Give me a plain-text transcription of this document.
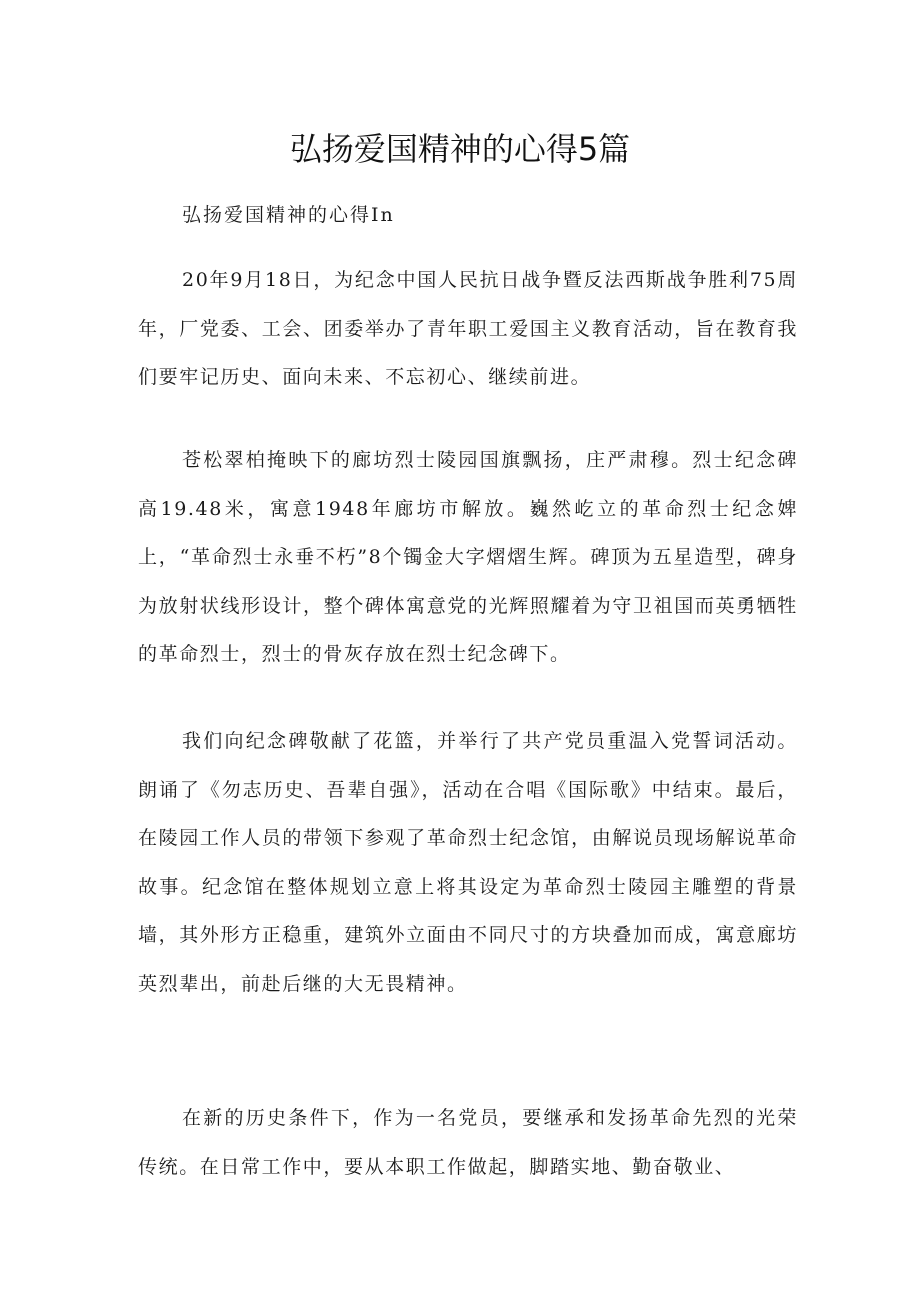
弘扬爱国精神的心得5篇

弘扬爱国精神的心得In

20年9月18日，为纪念中国人民抗日战争暨反法西斯战争胜利75周年，厂党委、工会、团委举办了青年职工爱国主义教育活动，旨在教育我们要牢记历史、面向未来、不忘初心、继续前进。

苍松翠柏掩映下的廊坊烈士陵园国旗飘扬，庄严肃穆。烈士纪念碑高19.48米，寓意1948年廊坊市解放。巍然屹立的革命烈士纪念婢上，“革命烈士永垂不朽”8个镯金大字熠熠生辉。碑顶为五星造型，碑身为放射状线形设计，整个碑体寓意党的光辉照耀着为守卫祖国而英勇牺牲的革命烈士，烈士的骨灰存放在烈士纪念碑下。

我们向纪念碑敬献了花篮，并举行了共产党员重温入党誓词活动。朗诵了《勿志历史、吾辈自强》，活动在合唱《国际歌》中结束。最后，在陵园工作人员的带领下参观了革命烈士纪念馆，由解说员现场解说革命故事。纪念馆在整体规划立意上将其设定为革命烈士陵园主雕塑的背景墙，其外形方正稳重，建筑外立面由不同尺寸的方块叠加而成，寓意廊坊英烈辈出，前赴后继的大无畏精神。

在新的历史条件下，作为一名党员，要继承和发扬革命先烈的光荣传统。在日常工作中，要从本职工作做起，脚踏实地、勤奋敬业、
